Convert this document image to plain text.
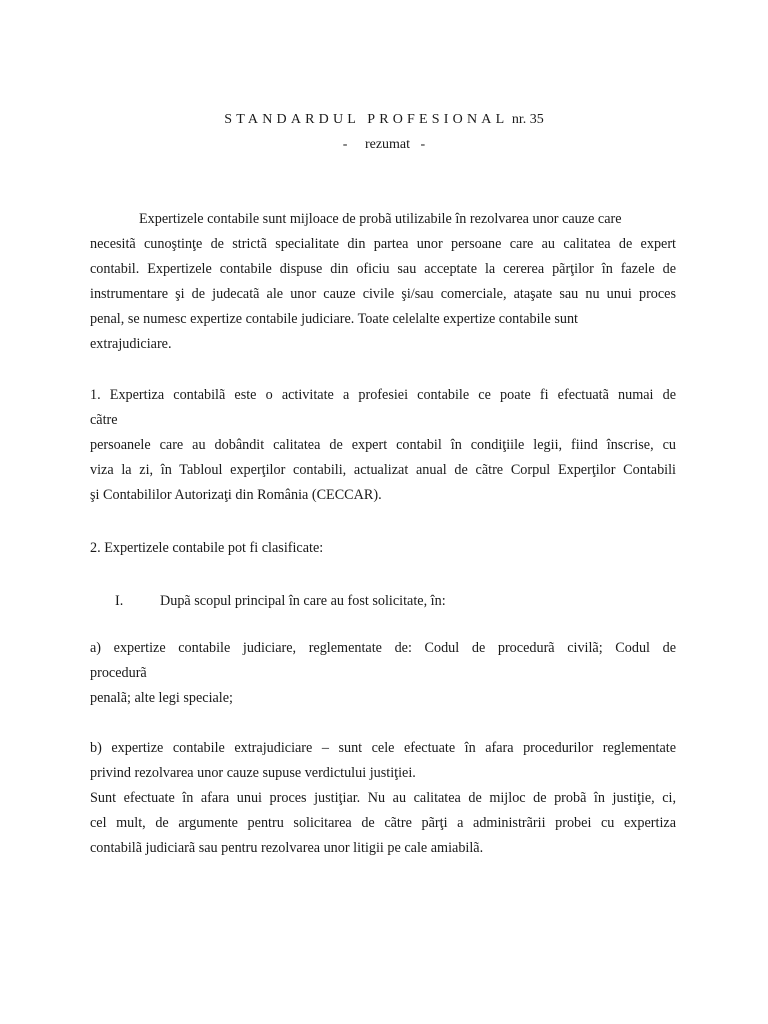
STANDARDUL PROFESIONAL nr. 35
-     rezumat   -
Expertizele contabile sunt mijloace de probã utilizabile în rezolvarea unor cauze care
necesitã cunoştinţe de strictã specialitate din partea unor persoane care au calitatea de expert
contabil. Expertizele contabile dispuse din oficiu sau acceptate la cererea pãrţilor în fazele de
instrumentare şi de judecatã ale unor cauze civile şi/sau comerciale, ataşate sau nu unui proces
penal, se numesc expertize contabile judiciare. Toate celelalte expertize contabile sunt
extrajudiciare.
1. Expertiza contabilã este o activitate a profesiei contabile ce poate fi efectuatã numai de
cãtre
persoanele care au dobândit calitatea de expert contabil în condiţiile legii, fiind înscrise, cu
viza la zi, în Tabloul experţilor contabili, actualizat anual de cãtre Corpul Experţilor Contabili
şi Contabililor Autorizaţi din România (CECCAR).
2. Expertizele contabile pot fi clasificate:
I.	Dupã scopul principal în care au fost solicitate, în:
a) expertize contabile judiciare, reglementate de: Codul de procedurã civilã; Codul de
procedurã
penalã; alte legi speciale;
b) expertize contabile extrajudiciare – sunt cele efectuate în afara procedurilor reglementate
privind rezolvarea unor cauze supuse verdictului justiţiei.
Sunt efectuate în afara unui proces justiţiar. Nu au calitatea de mijloc de probã în justiţie, ci,
cel mult, de argumente pentru solicitarea de cãtre pãrţi a administrãrii probei cu expertiza
contabilã judiciarã sau pentru rezolvarea unor litigii pe cale amiabilã.
